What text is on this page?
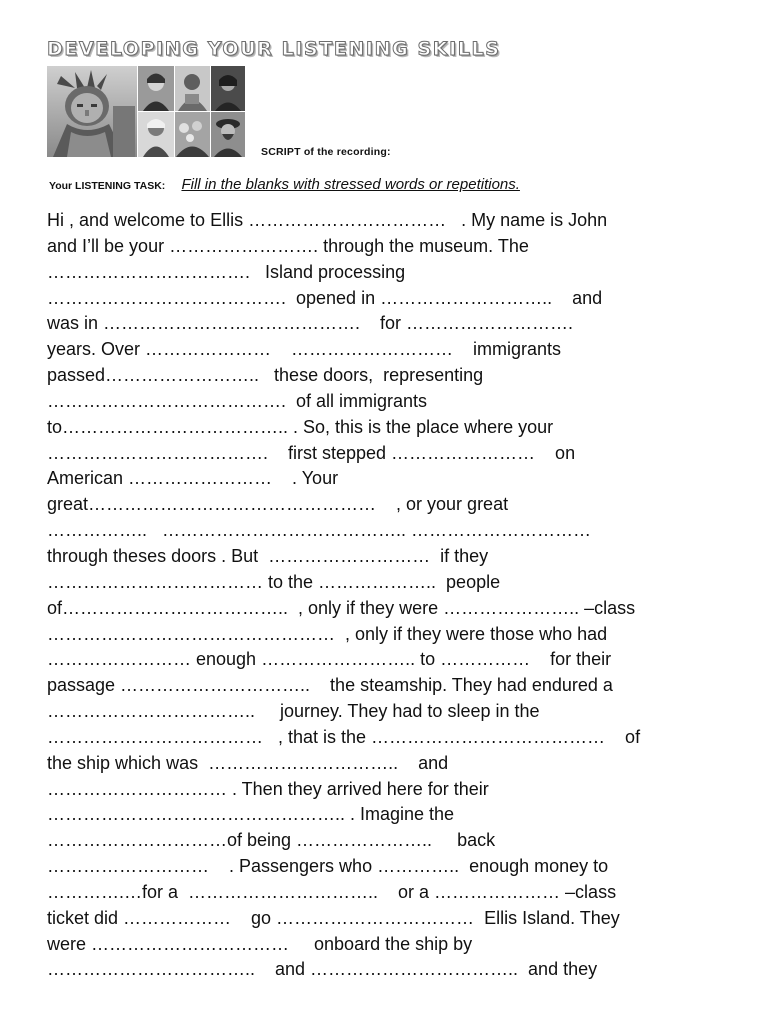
DEVELOPING YOUR LISTENING SKILLS

SCRIPT of the recording:

Your LISTENING TASK: Fill in the blanks with stressed words or repetitions.
Hi , and welcome to Ellis ……………………………   . My name is John
and I’ll be your ……………………. through the museum. The
…………………………….   Island processing
………………………………….  opened in ………………………..    and
was in …………………………………….    for ……………………….
years. Over …………………    ………………………    immigrants
passed……………………..   these doors,  representing
………………………………….  of all immigrants
to……………………………….. . So, this is the place where your
……………………………….    first stepped ……………………    on
American ……………………    . Your
great…………………………………………    , or your great
……………..   ………………………………….. …………………………
through theses doors . But  ………………………  if they
……………………………… to the ………………..  people
of………………………………..  , only if they were ………………….. –class
…………………………………………  , only if they were those who had
…………………… enough …………………….. to ……………    for their
passage …………………………..    the steamship. They had endured a
……………………………..     journey. They had to sleep in the
………………………………   , that is the …………………………………    of
the ship which was  …………………………..    and
………………………… . Then they arrived here for their
………………………………………….. . Imagine the
…………………………of being …………………..     back
………………………    . Passengers who …………..  enough money to
………….…for a  …………………………..    or a ………………… –class
ticket did ………………    go ……………………………  Ellis Island. They
were ……………………………     onboard the ship by
……………………………..    and ……………………………..  and they
